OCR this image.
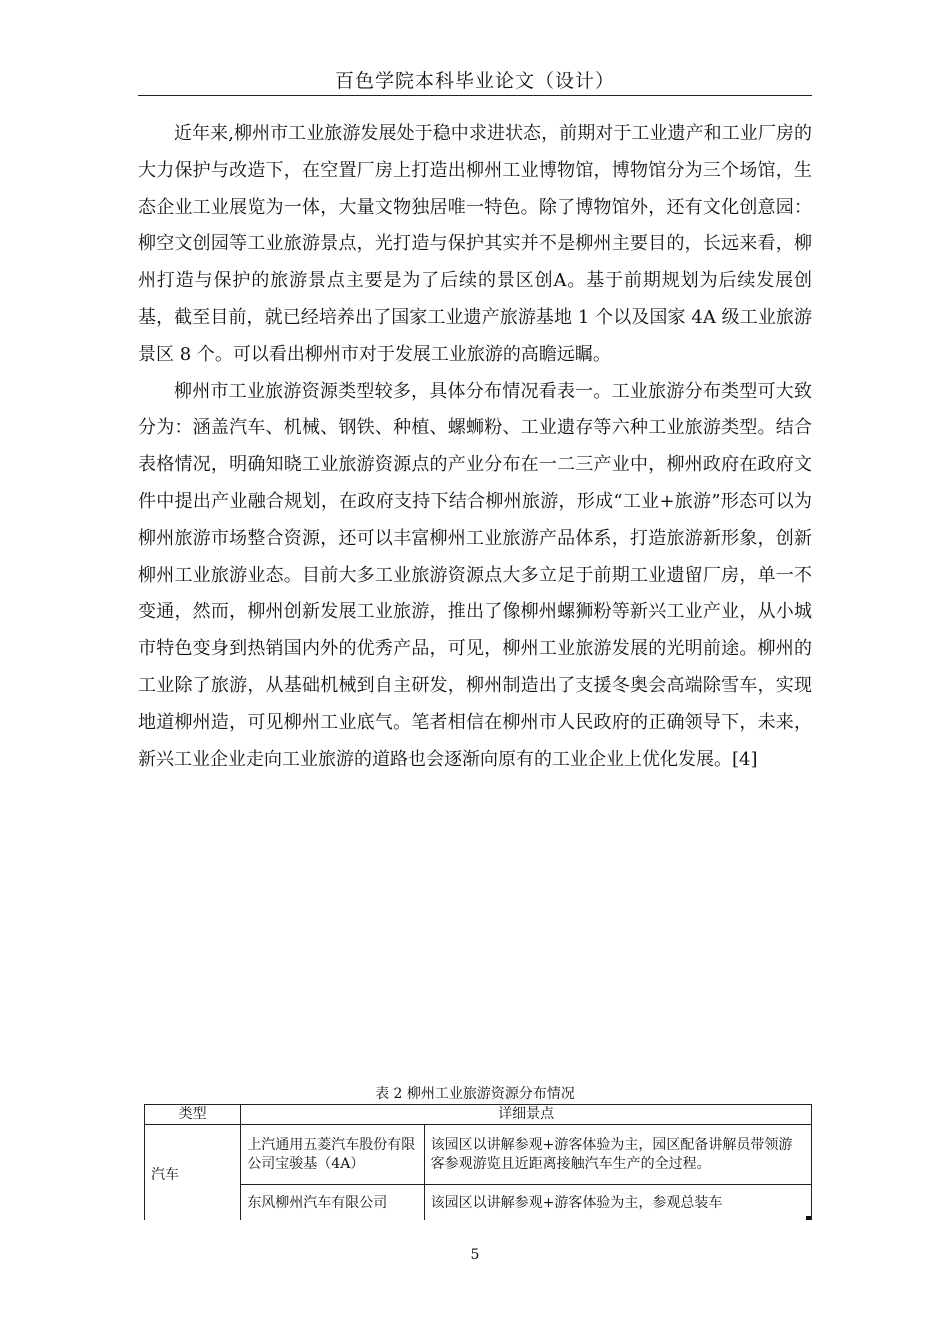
百色学院本科毕业论文（设计）

近年来,柳州市工业旅游发展处于稳中求进状态，前期对于工业遗产和工业厂房的大力保护与改造下，在空置厂房上打造出柳州工业博物馆，博物馆分为三个场馆，生态企业工业展览为一体，大量文物独居唯一特色。除了博物馆外，还有文化创意园：柳空文创园等工业旅游景点，光打造与保护其实并不是柳州主要目的，长远来看，柳州打造与保护的旅游景点主要是为了后续的景区创A。基于前期规划为后续发展创基，截至目前，就已经培养出了国家工业遗产旅游基地 1 个以及国家 4A 级工业旅游景区 8 个。可以看出柳州市对于发展工业旅游的高瞻远瞩。

柳州市工业旅游资源类型较多，具体分布情况看表一。工业旅游分布类型可大致分为：涵盖汽车、机械、钢铁、种植、螺蛳粉、工业遗存等六种工业旅游类型。结合表格情况，明确知晓工业旅游资源点的产业分布在一二三产业中，柳州政府在政府文件中提出产业融合规划，在政府支持下结合柳州旅游，形成“工业+旅游”形态可以为柳州旅游市场整合资源，还可以丰富柳州工业旅游产品体系，打造旅游新形象，创新柳州工业旅游业态。目前大多工业旅游资源点大多立足于前期工业遗留厂房，单一不变通，然而，柳州创新发展工业旅游，推出了像柳州螺狮粉等新兴工业产业，从小城市特色变身到热销国内外的优秀产品，可见，柳州工业旅游发展的光明前途。柳州的工业除了旅游，从基础机械到自主研发，柳州制造出了支援冬奥会高端除雪车，实现地道柳州造，可见柳州工业底气。笔者相信在柳州市人民政府的正确领导下，未来，新兴工业企业走向工业旅游的道路也会逐渐向原有的工业企业上优化发展。[4]

表 2 柳州工业旅游资源分布情况
类型	详细景点	
汽车	上汽通用五菱汽车股份有限公司宝骏基（4A）	该园区以讲解参观+游客体验为主，园区配备讲解员带领游客参观游览且近距离接触汽车生产的全过程。
	东风柳州汽车有限公司	该园区以讲解参观+游客体验为主，参观总装车
5
